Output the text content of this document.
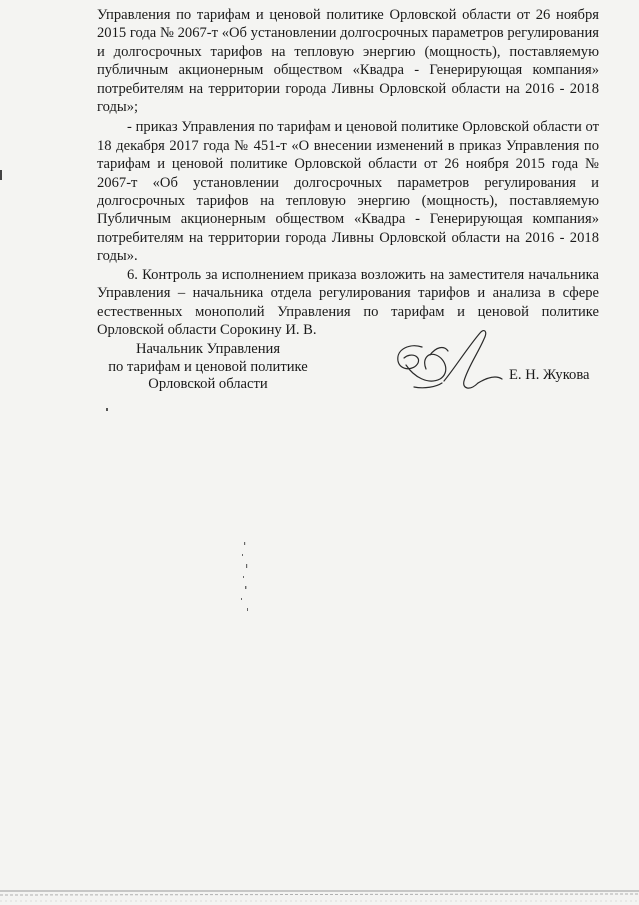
Управления по тарифам и ценовой политике Орловской области от 26 ноября 2015 года № 2067-т «Об установлении долгосрочных параметров регулирования и долгосрочных тарифов на тепловую энергию (мощность), поставляемую публичным акционерным обществом «Квадра - Генерирующая компания» потребителям на территории города Ливны Орловской области на 2016 - 2018 годы»;

- приказ Управления по тарифам и ценовой политике Орловской области от 18 декабря 2017 года № 451-т «О внесении изменений в приказ Управления по тарифам и ценовой политике Орловской области от 26 ноября 2015 года № 2067-т «Об установлении долгосрочных параметров регулирования и долгосрочных тарифов на тепловую энергию (мощность), поставляемую Публичным акционерным обществом «Квадра - Генерирующая компания» потребителям на территории города Ливны Орловской области на 2016 - 2018 годы».

6. Контроль за исполнением приказа возложить на заместителя начальника Управления – начальника отдела регулирования тарифов и анализа в сфере естественных монополий Управления по тарифам и ценовой политике Орловской области Сорокину И. В.

Начальник Управления
по тарифам и ценовой политике
Орловской области
Е. Н. Жукова
